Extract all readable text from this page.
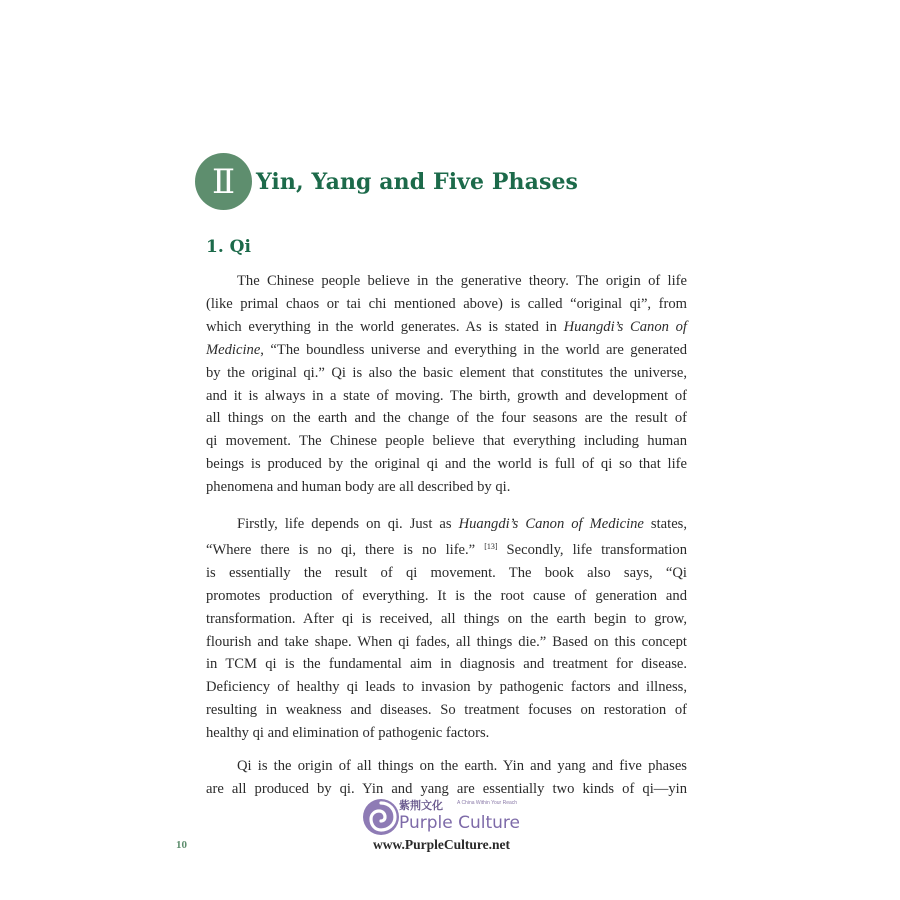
Ⅱ Yin, Yang and Five Phases
1. Qi
The Chinese people believe in the generative theory. The origin of life
(like primal chaos or tai chi mentioned above) is called “original qi”, from
which everything in the world generates. As is stated in Huangdi’s Canon of
Medicine, “The boundless universe and everything in the world are generated
by the original qi.” Qi is also the basic element that constitutes the universe,
and it is always in a state of moving. The birth, growth and development of
all things on the earth and the change of the four seasons are the result of
qi movement. The Chinese people believe that everything including human
beings is produced by the original qi and the world is full of qi so that life
phenomena and human body are all described by qi.
Firstly, life depends on qi. Just as Huangdi’s Canon of Medicine states,
“Where there is no qi, there is no life.” [13] Secondly, life transformation
is essentially the result of qi movement. The book also says, “Qi
promotes production of everything. It is the root cause of generation and
transformation. After qi is received, all things on the earth begin to grow,
flourish and take shape. When qi fades, all things die.” Based on this concept
in TCM qi is the fundamental aim in diagnosis and treatment for disease.
Deficiency of healthy qi leads to invasion by pathogenic factors and illness,
resulting in weakness and diseases. So treatment focuses on restoration of
healthy qi and elimination of pathogenic factors.
Qi is the origin of all things on the earth. Yin and yang and five phases
are all produced by qi. Yin and yang are essentially two kinds of qi—yin
紫荆文化	A China Within Your Reach
Purple Culture
www.PurpleCulture.net
10
